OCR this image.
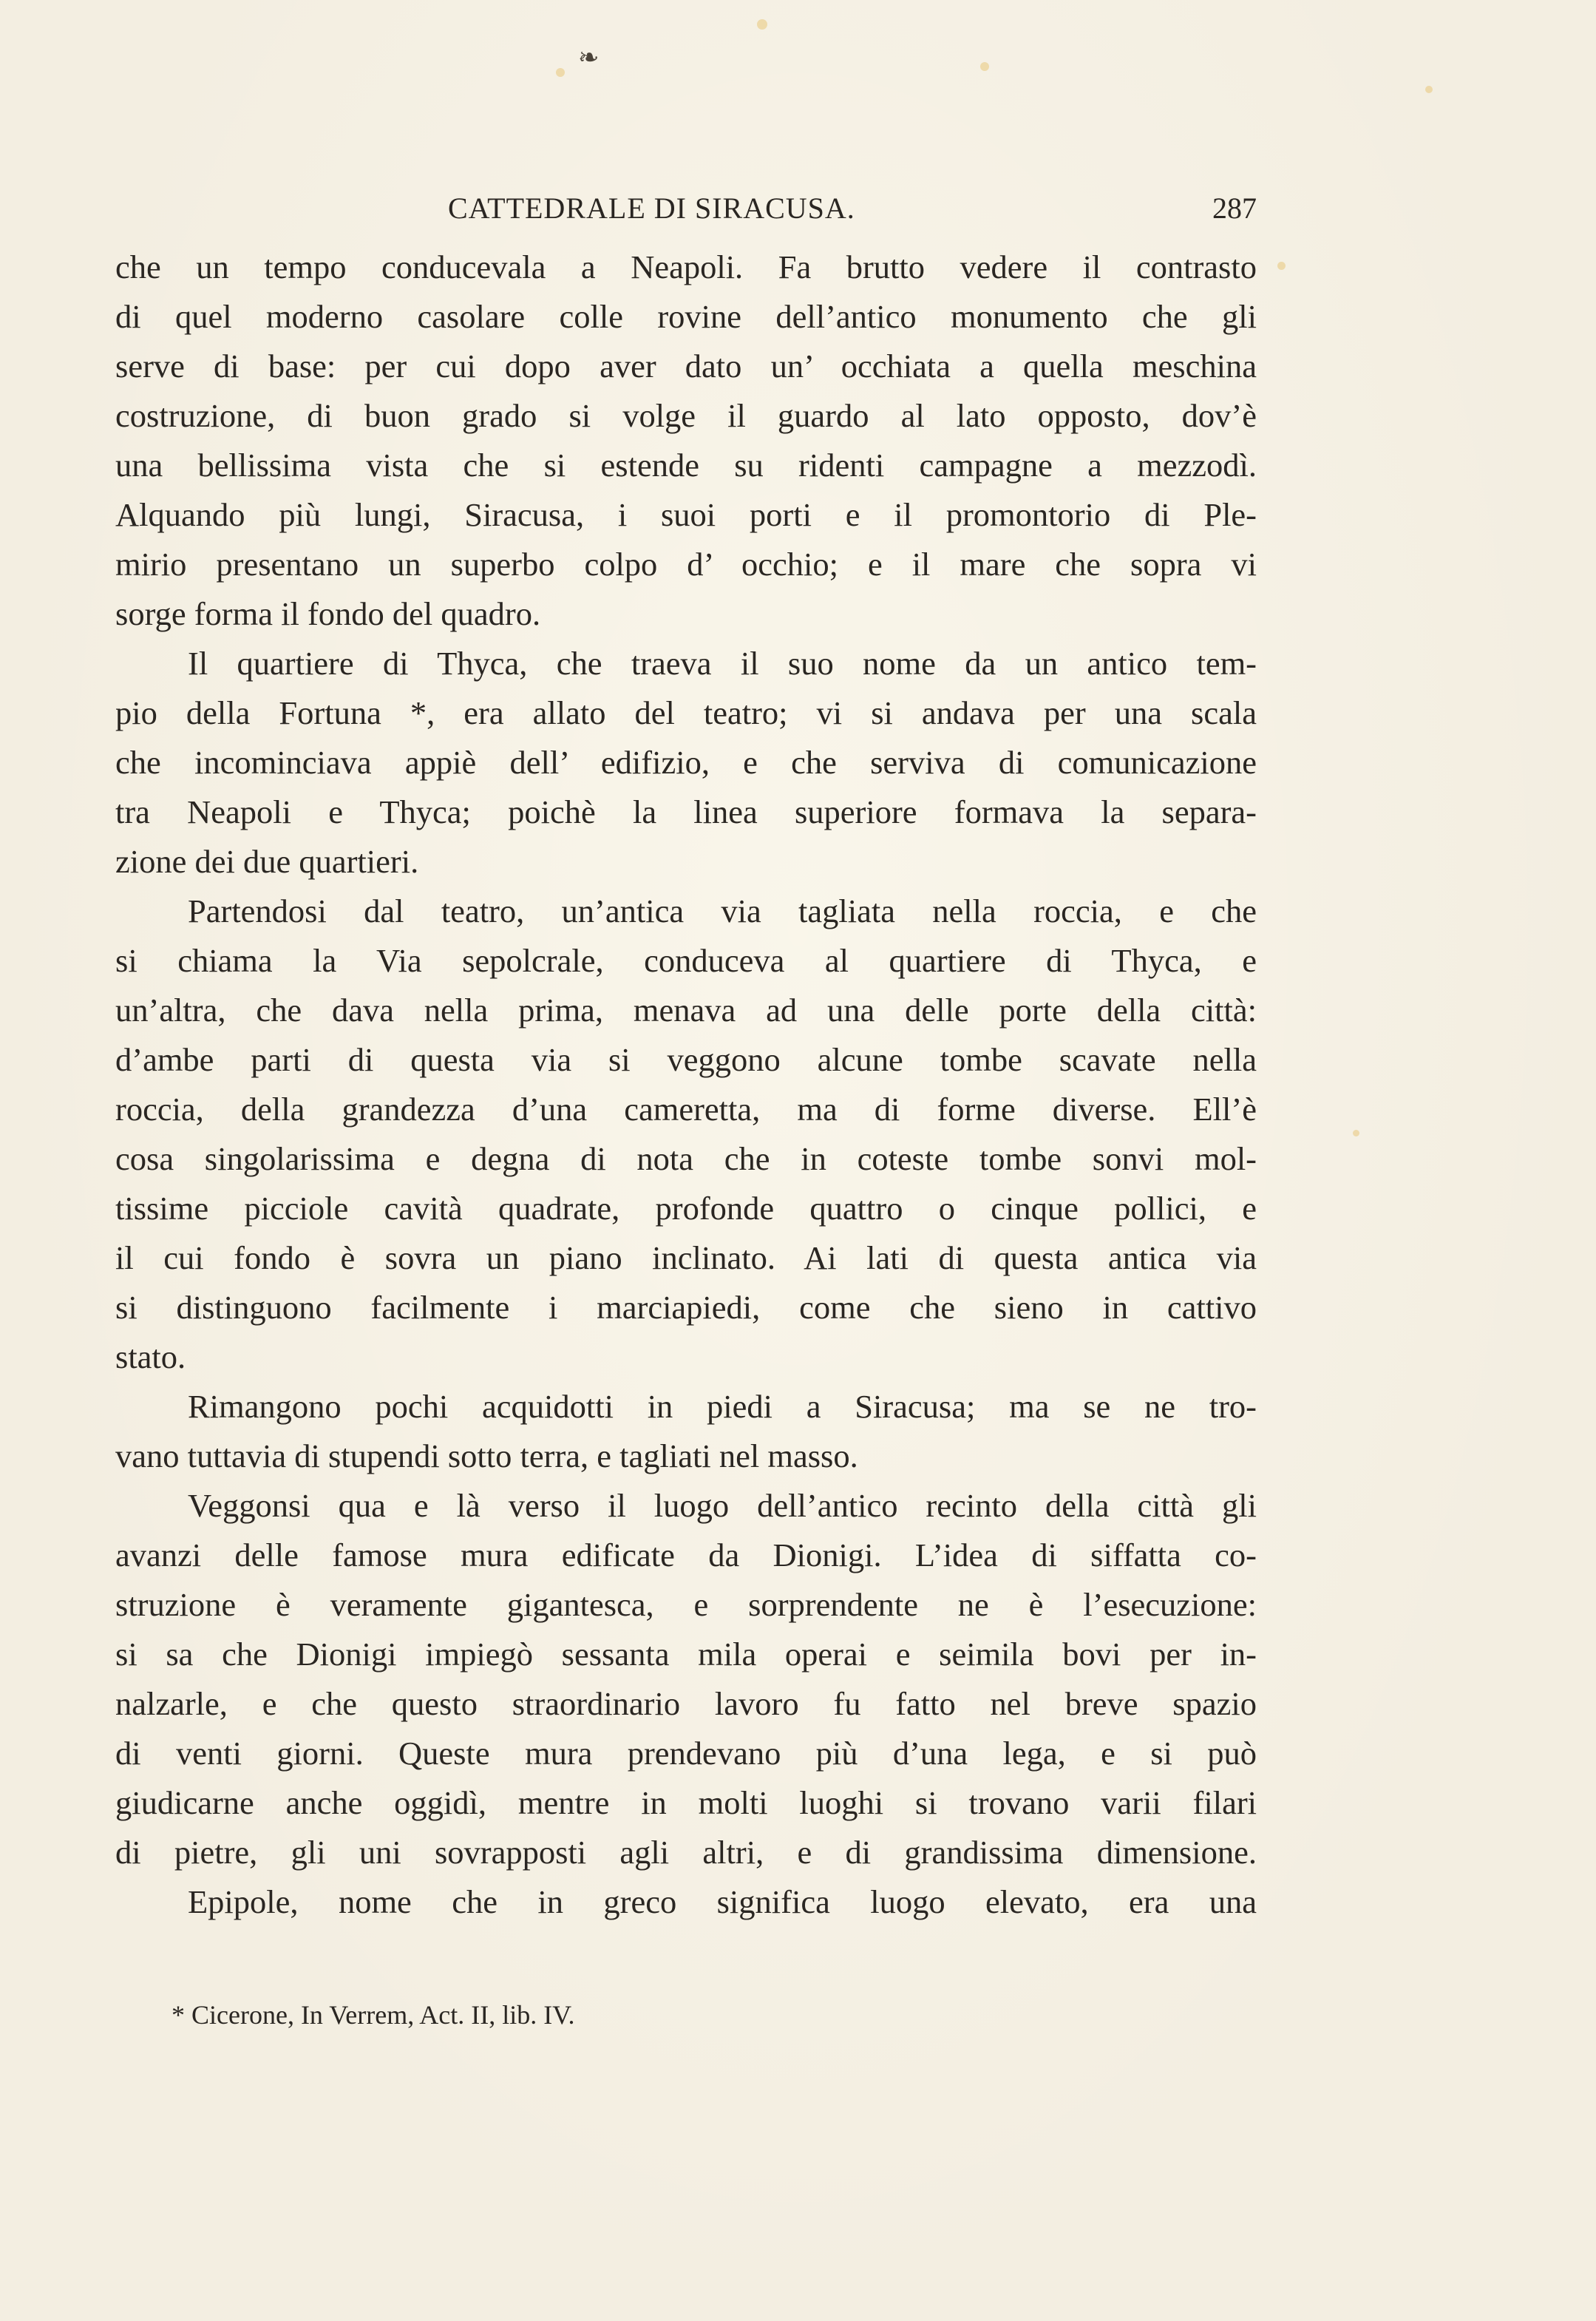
❧
CATTEDRALE DI SIRACUSA.	287
che un tempo conducevala a Neapoli. Fa brutto vedere il contrasto
di quel moderno casolare colle rovine dell’antico monumento che gli
serve di base: per cui dopo aver dato un’ occhiata a quella meschina
costruzione, di buon grado si volge il guardo al lato opposto, dov’è
una bellissima vista che si estende su ridenti campagne a mezzodì.
Alquando più lungi, Siracusa, i suoi porti e il promontorio di Ple-
mirio presentano un superbo colpo d’ occhio; e il mare che sopra vi
sorge forma il fondo del quadro.
Il quartiere di Thyca, che traeva il suo nome da un antico tem-
pio della Fortuna *, era allato del teatro; vi si andava per una scala
che incominciava appiè dell’ edifizio, e che serviva di comunicazione
tra Neapoli e Thyca; poichè la linea superiore formava la separa-
zione dei due quartieri.
Partendosi dal teatro, un’antica via tagliata nella roccia, e che
si chiama la Via sepolcrale, conduceva al quartiere di Thyca, e
un’altra, che dava nella prima, menava ad una delle porte della città:
d’ambe parti di questa via si veggono alcune tombe scavate nella
roccia, della grandezza d’una cameretta, ma di forme diverse. Ell’è
cosa singolarissima e degna di nota che in coteste tombe sonvi mol-
tissime picciole cavità quadrate, profonde quattro o cinque pollici, e
il cui fondo è sovra un piano inclinato. Ai lati di questa antica via
si distinguono facilmente i marciapiedi, come che sieno in cattivo
stato.
Rimangono pochi acquidotti in piedi a Siracusa; ma se ne tro-
vano tuttavia di stupendi sotto terra, e tagliati nel masso.
Veggonsi qua e là verso il luogo dell’antico recinto della città gli
avanzi delle famose mura edificate da Dionigi. L’idea di siffatta co-
struzione è veramente gigantesca, e sorprendente ne è l’esecuzione:
si sa che Dionigi impiegò sessanta mila operai e seimila bovi per in-
nalzarle, e che questo straordinario lavoro fu fatto nel breve spazio
di venti giorni. Queste mura prendevano più d’una lega, e si può
giudicarne anche oggidì, mentre in molti luoghi si trovano varii filari
di pietre, gli uni sovrapposti agli altri, e di grandissima dimensione.
Epipole, nome che in greco significa luogo elevato, era una
* Cicerone, In Verrem, Act. II, lib. IV.
